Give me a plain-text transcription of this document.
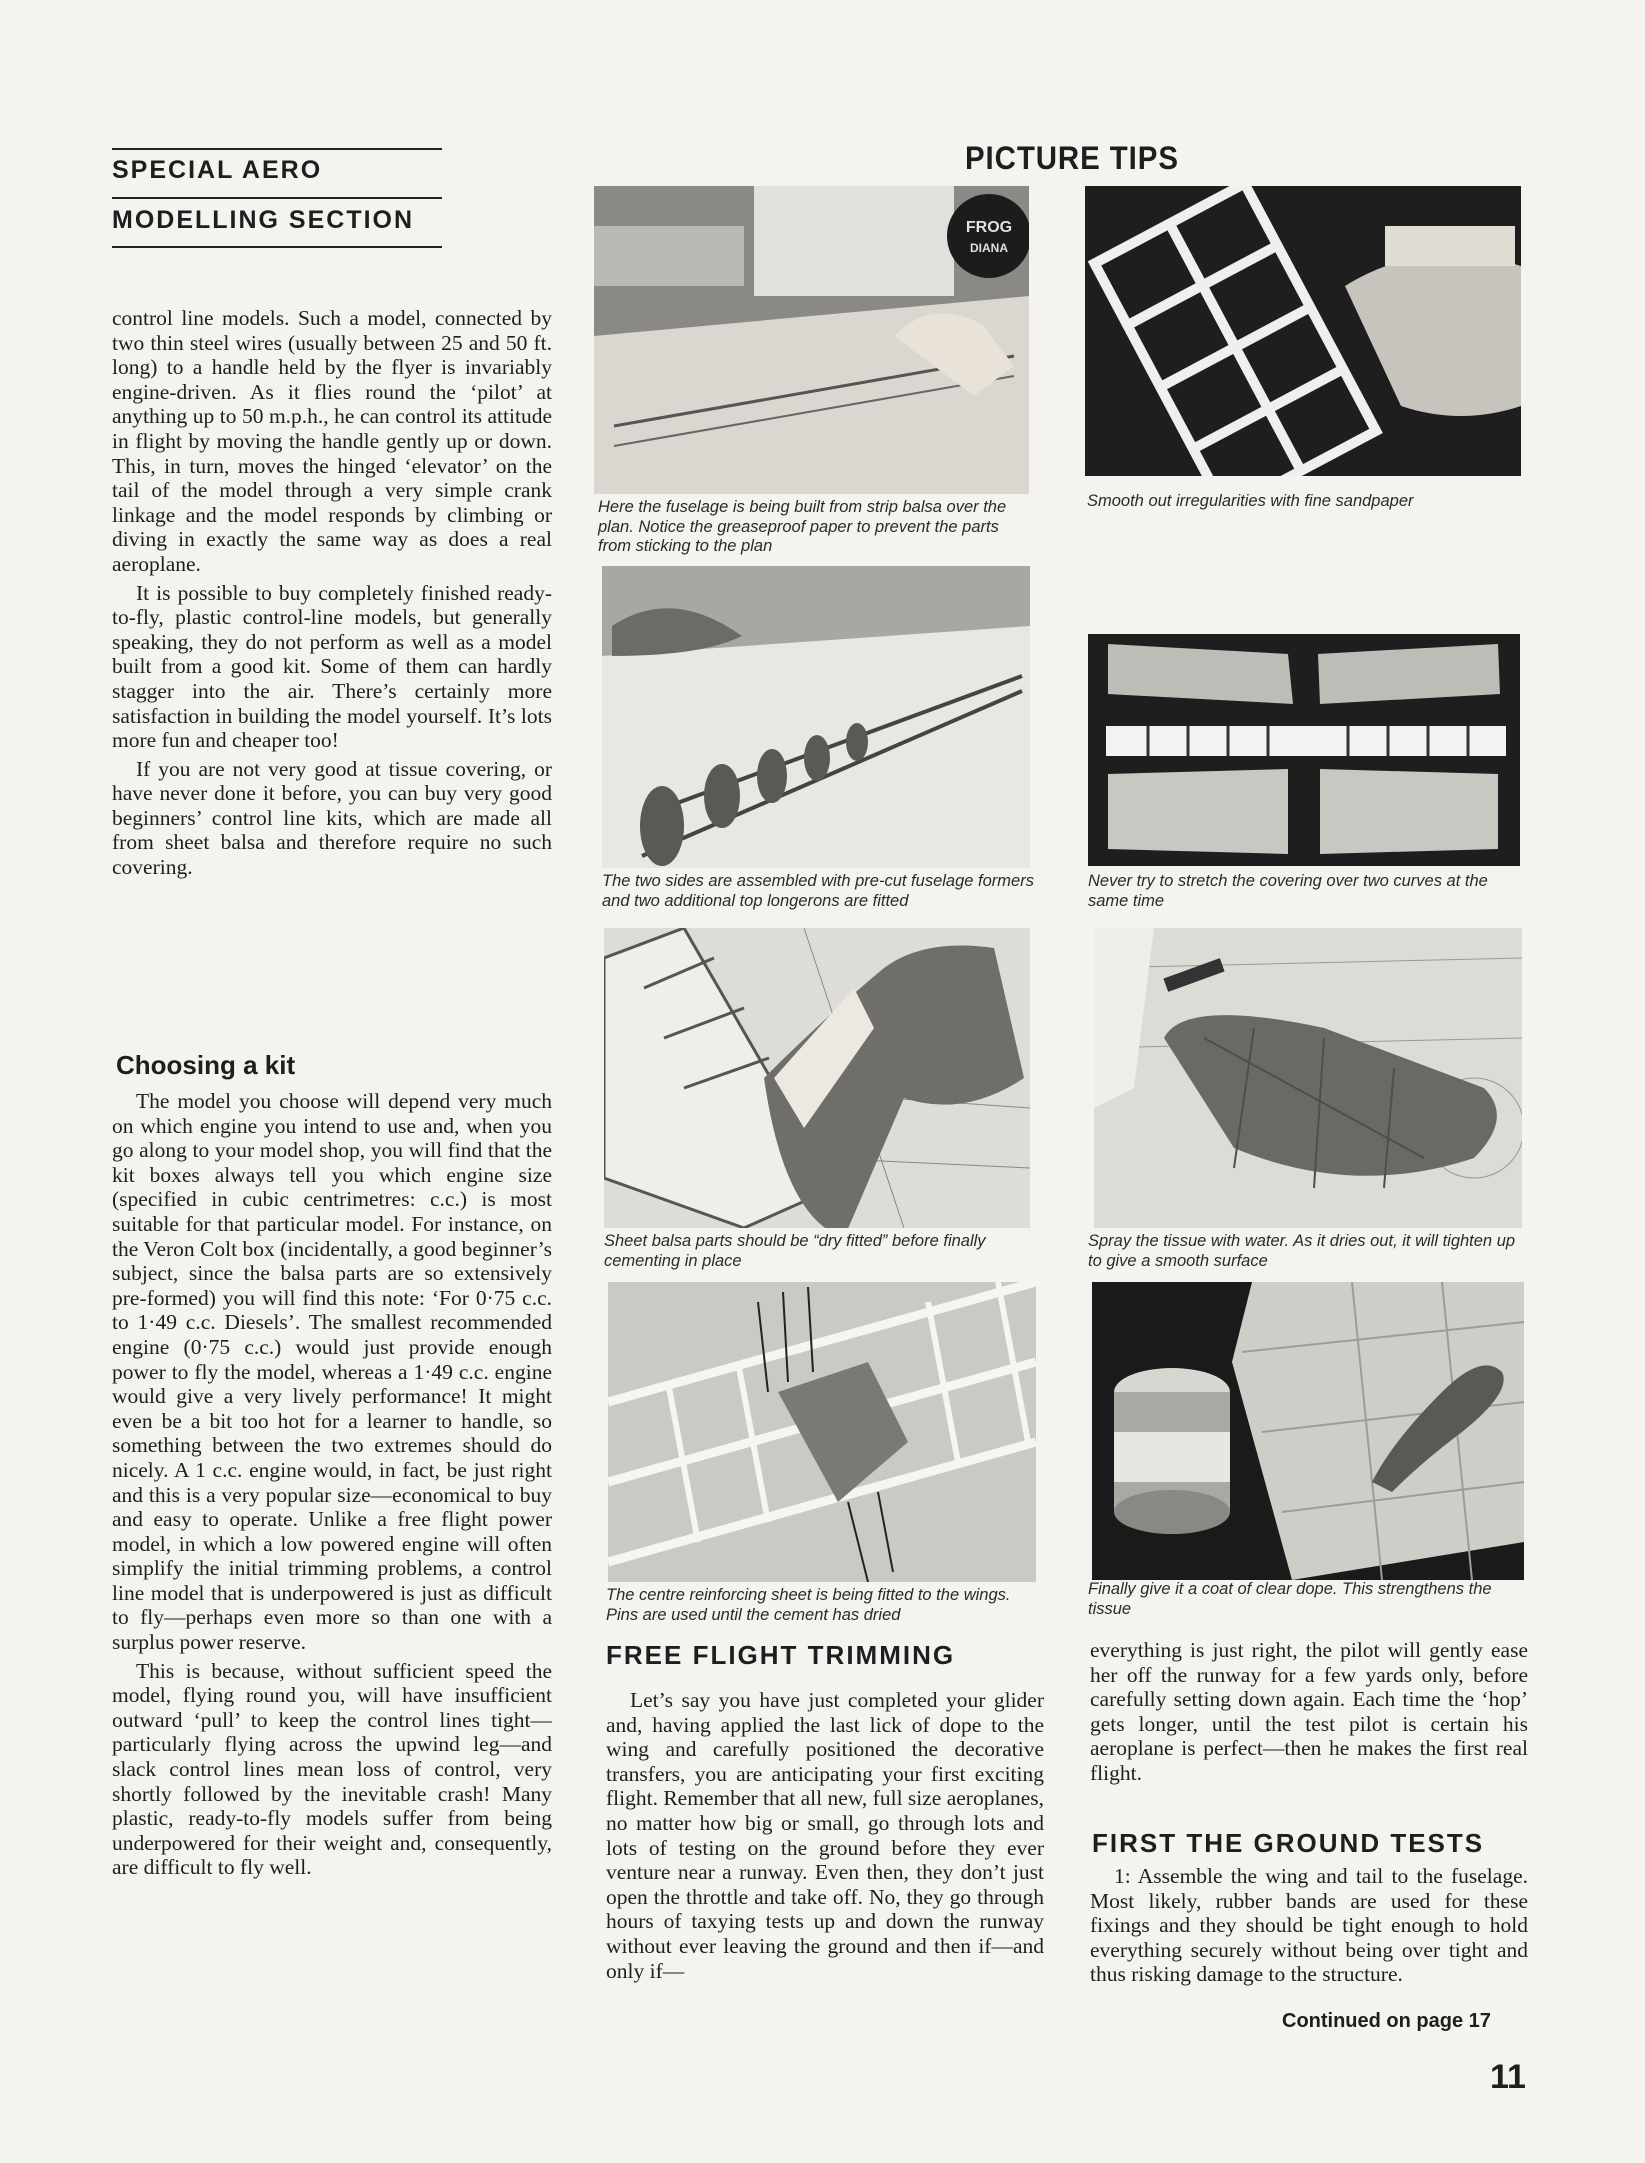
SPECIAL AERO
MODELLING SECTION
PICTURE TIPS

control line models. Such a model, connected by two thin steel wires (usually between 25 and 50 ft. long) to a handle held by the flyer is invariably engine-driven. As it flies round the ‘pilot’ at anything up to 50 m.p.h., he can control its attitude in flight by moving the handle gently up or down. This, in turn, moves the hinged ‘elevator’ on the tail of the model through a very simple crank linkage and the model responds by climbing or diving in exactly the same way as does a real aeroplane.

It is possible to buy completely finished ready-to-fly, plastic control-line models, but generally speaking, they do not perform as well as a model built from a good kit. Some of them can hardly stagger into the air. There’s certainly more satisfaction in building the model yourself. It’s lots more fun and cheaper too!

If you are not very good at tissue covering, or have never done it before, you can buy very good beginners’ control line kits, which are made all from sheet balsa and therefore require no such covering.

Choosing a kit

The model you choose will depend very much on which engine you intend to use and, when you go along to your model shop, you will find that the kit boxes always tell you which engine size (specified in cubic centrimetres: c.c.) is most suitable for that particular model. For instance, on the Veron Colt box (incidentally, a good beginner’s subject, since the balsa parts are so extensively pre-formed) you will find this note: ‘For 0·75 c.c. to 1·49 c.c. Diesels’. The smallest recommended engine (0·75 c.c.) would just provide enough power to fly the model, whereas a 1·49 c.c. engine would give a very lively performance! It might even be a bit too hot for a learner to handle, so something between the two extremes should do nicely. A 1 c.c. engine would, in fact, be just right and this is a very popular size—economical to buy and easy to operate. Unlike a free flight power model, in which a low powered engine will often simplify the initial trimming problems, a control line model that is underpowered is just as difficult to fly—perhaps even more so than one with a surplus power reserve.

This is because, without sufficient speed the model, flying round you, will have insufficient outward ‘pull’ to keep the control lines tight—particularly flying across the upwind leg—and slack control lines mean loss of control, very shortly followed by the inevitable crash! Many plastic, ready-to-fly models suffer from being underpowered for their weight and, consequently, are difficult to fly well.

FROG
DIANA
Here the fuselage is being built from strip balsa over the plan. Notice the greaseproof paper to prevent the parts from sticking to the plan
Smooth out irregularities with fine sandpaper
The two sides are assembled with pre-cut fuselage formers and two additional top longerons are fitted
Never try to stretch the covering over two curves at the same time
Sheet balsa parts should be “dry fitted” before finally cementing in place
Spray the tissue with water. As it dries out, it will tighten up to give a smooth surface
The centre reinforcing sheet is being fitted to the wings. Pins are used until the cement has dried
Finally give it a coat of clear dope. This strengthens the tissue
FREE FLIGHT TRIMMING

Let’s say you have just completed your glider and, having applied the last lick of dope to the wing and carefully positioned the decorative transfers, you are anticipating your first exciting flight. Remember that all new, full size aeroplanes, no matter how big or small, go through lots and lots of testing on the ground before they ever venture near a runway. Even then, they don’t just open the throttle and take off. No, they go through hours of taxying tests up and down the runway without ever leaving the ground and then if—and only if—

everything is just right, the pilot will gently ease her off the runway for a few yards only, before carefully setting down again. Each time the ‘hop’ gets longer, until the test pilot is certain his aeroplane is perfect—then he makes the first real flight.

FIRST THE GROUND TESTS

1: Assemble the wing and tail to the fuselage. Most likely, rubber bands are used for these fixings and they should be tight enough to hold everything securely without being over tight and thus risking damage to the structure.

Continued on page 17
11
